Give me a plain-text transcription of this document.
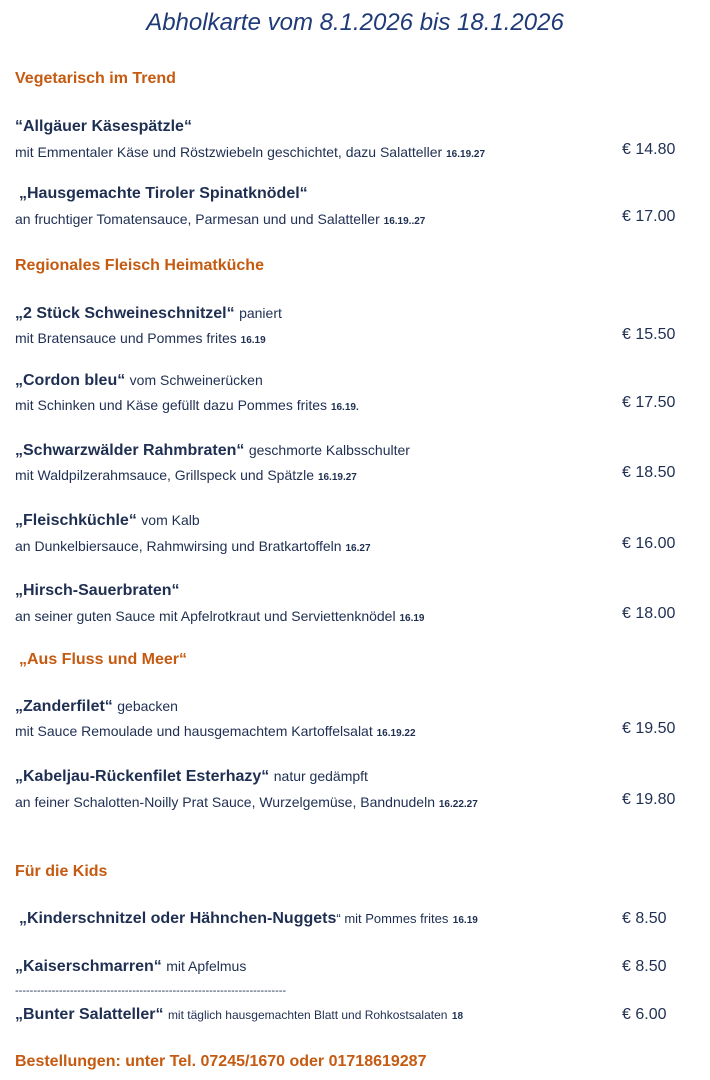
Abholkarte vom 8.1.2026 bis 18.1.2026
Vegetarisch im Trend
“Allgäuer Käsespätzle“
mit Emmentaler Käse und Röstzwiebeln geschichtet, dazu Salatteller 16.19.27	€ 14.80
„Hausgemachte Tiroler Spinatknödel“
an fruchtiger Tomatensauce, Parmesan und und Salatteller 16.19..27	€ 17.00
Regionales Fleisch Heimatküche
„2 Stück Schweineschnitzel“ paniert
mit Bratensauce und Pommes frites 16.19	€ 15.50
„Cordon bleu“ vom Schweinerücken
mit Schinken und Käse gefüllt dazu Pommes frites 16.19.	€ 17.50
„Schwarzwälder Rahmbraten“ geschmorte Kalbsschulter
mit Waldpilzerahmsauce, Grillspeck und Spätzle 16.19.27	€ 18.50
„Fleischküchle“ vom Kalb
an Dunkelbiersauce, Rahmwirsing und Bratkartoffeln 16.27	€ 16.00
„Hirsch-Sauerbraten“
an seiner guten Sauce mit Apfelrotkraut und Serviettenknödel 16.19	€ 18.00
„Aus Fluss und Meer“
„Zanderfilet“ gebacken
mit Sauce Remoulade und hausgemachtem Kartoffelsalat 16.19.22	€ 19.50
„Kabeljau-Rückenfilet Esterhazy“ natur gedämpft
an feiner Schalotten-Noilly Prat Sauce, Wurzelgemüse, Bandnudeln 16.22.27	€ 19.80
Für die Kids
„Kinderschnitzel oder Hähnchen-Nuggets“ mit Pommes frites 16.19	€ 8.50
„Kaiserschmarren“ mit Apfelmus	€ 8.50
--------------------------------------------------------------------------
„Bunter Salatteller“ mit täglich hausgemachten Blatt und Rohkostsalaten 18	€ 6.00
Bestellungen: unter Tel. 07245/1670 oder 01718619287
